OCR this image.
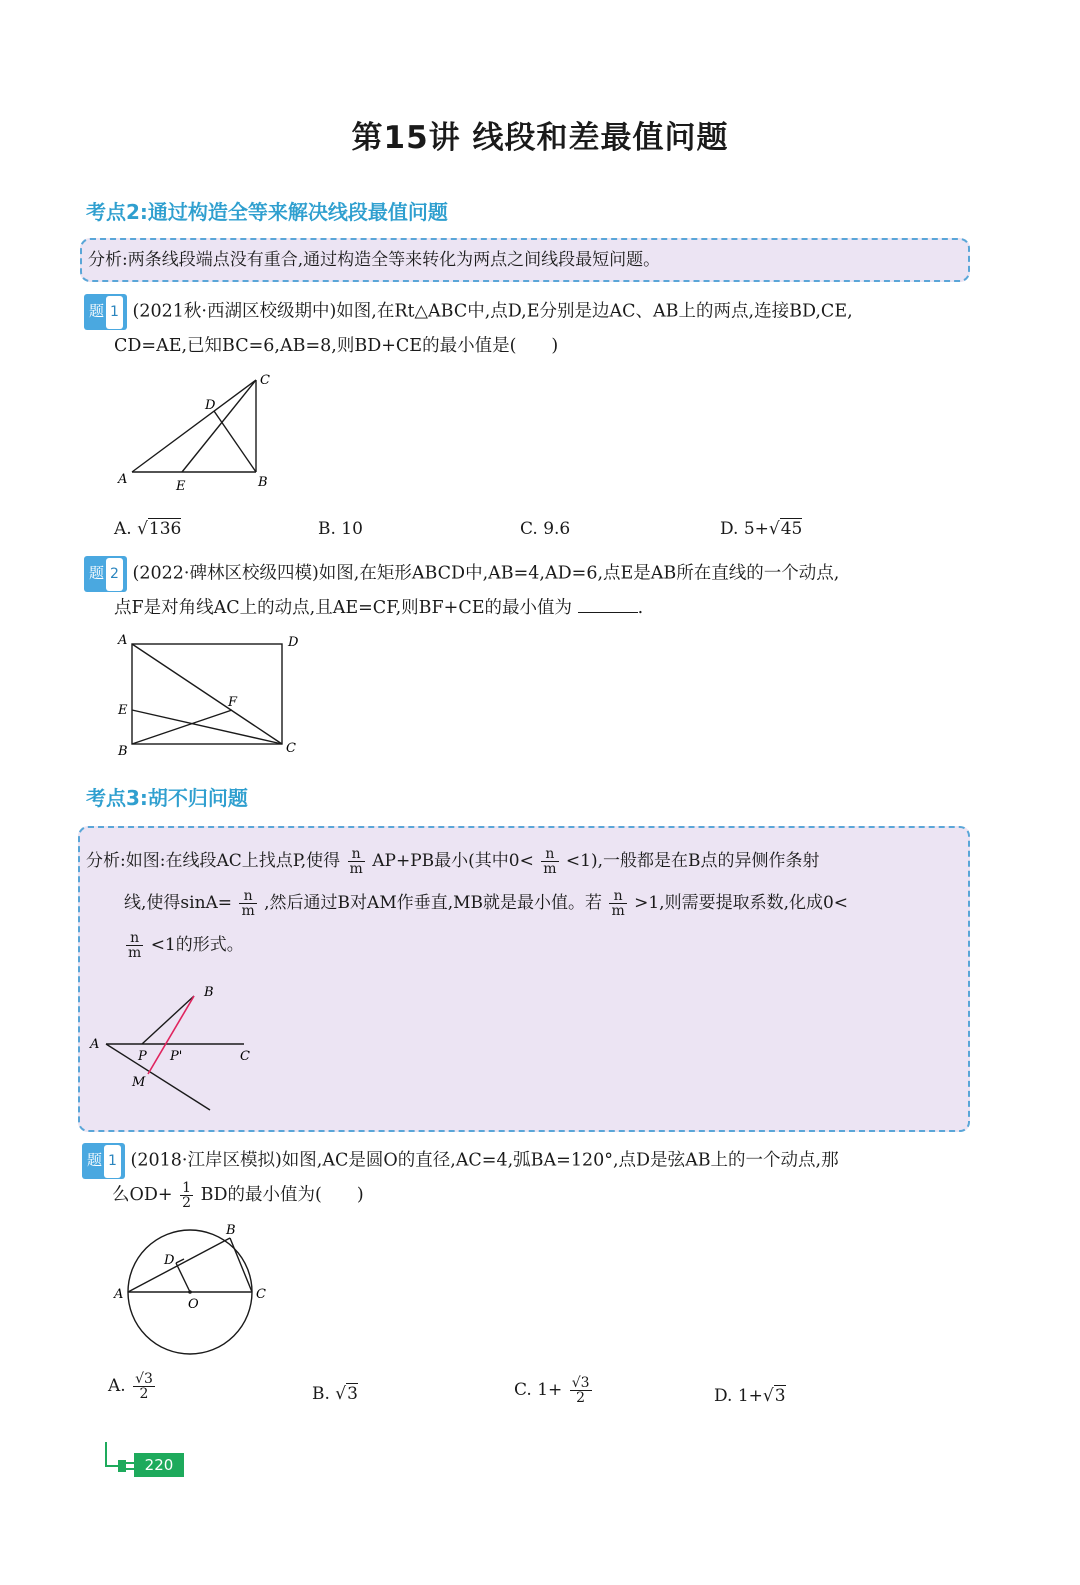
第15讲 线段和差最值问题
考点2:通过构造全等来解决线段最值问题
分析:两条线段端点没有重合,通过构造全等来转化为两点之间线段最短问题。
题 1 (2021秋·西湖区校级期中)如图,在Rt△ABC中,点D,E分别是边AC、AB上的两点,连接BD,CE,
CD=AE,已知BC=6,AB=8,则BD+CE的最小值是(　　)
C
D
A	E	B
A. √136	B. 10	C. 9.6	D. 5+√45
题 2 (2022·碑林区校级四模)如图,在矩形ABCD中,AB=4,AD=6,点E是AB所在直线的一个动点,
点F是对角线AC上的动点,且AE=CF,则BF+CE的最小值为	.
A	D
E
F
B	C
考点3:胡不归问题
分析:如图:在线段AC上找点P,使得 $\frac{n}{m} AP+PB$最小(其中$0< \frac{n}{m} <1$),一般都是在B点的异侧作条射
线,使得$\sin A= \frac{n}{m}$ ,然后通过B对AM作垂直,MB就是最小值。若 $\frac{n}{m} >1$,则需要提取系数,化成0<
$\frac{n}{m} <1$的形式。
B
A
P P'	C
M
题 1 (2018·江岸区模拟)如图,AC是圆O的直径,AC=4,弧BA=120°,点D是弦AB上的一个动点,那
么$OD+ \frac{1}{2}$ BD的最小值为(　　)
B
D
A
O
C
A. $\frac{√3}{2}$	B. √3	C. $1+ \frac{√3}{2}$	D. 1+√3
220
